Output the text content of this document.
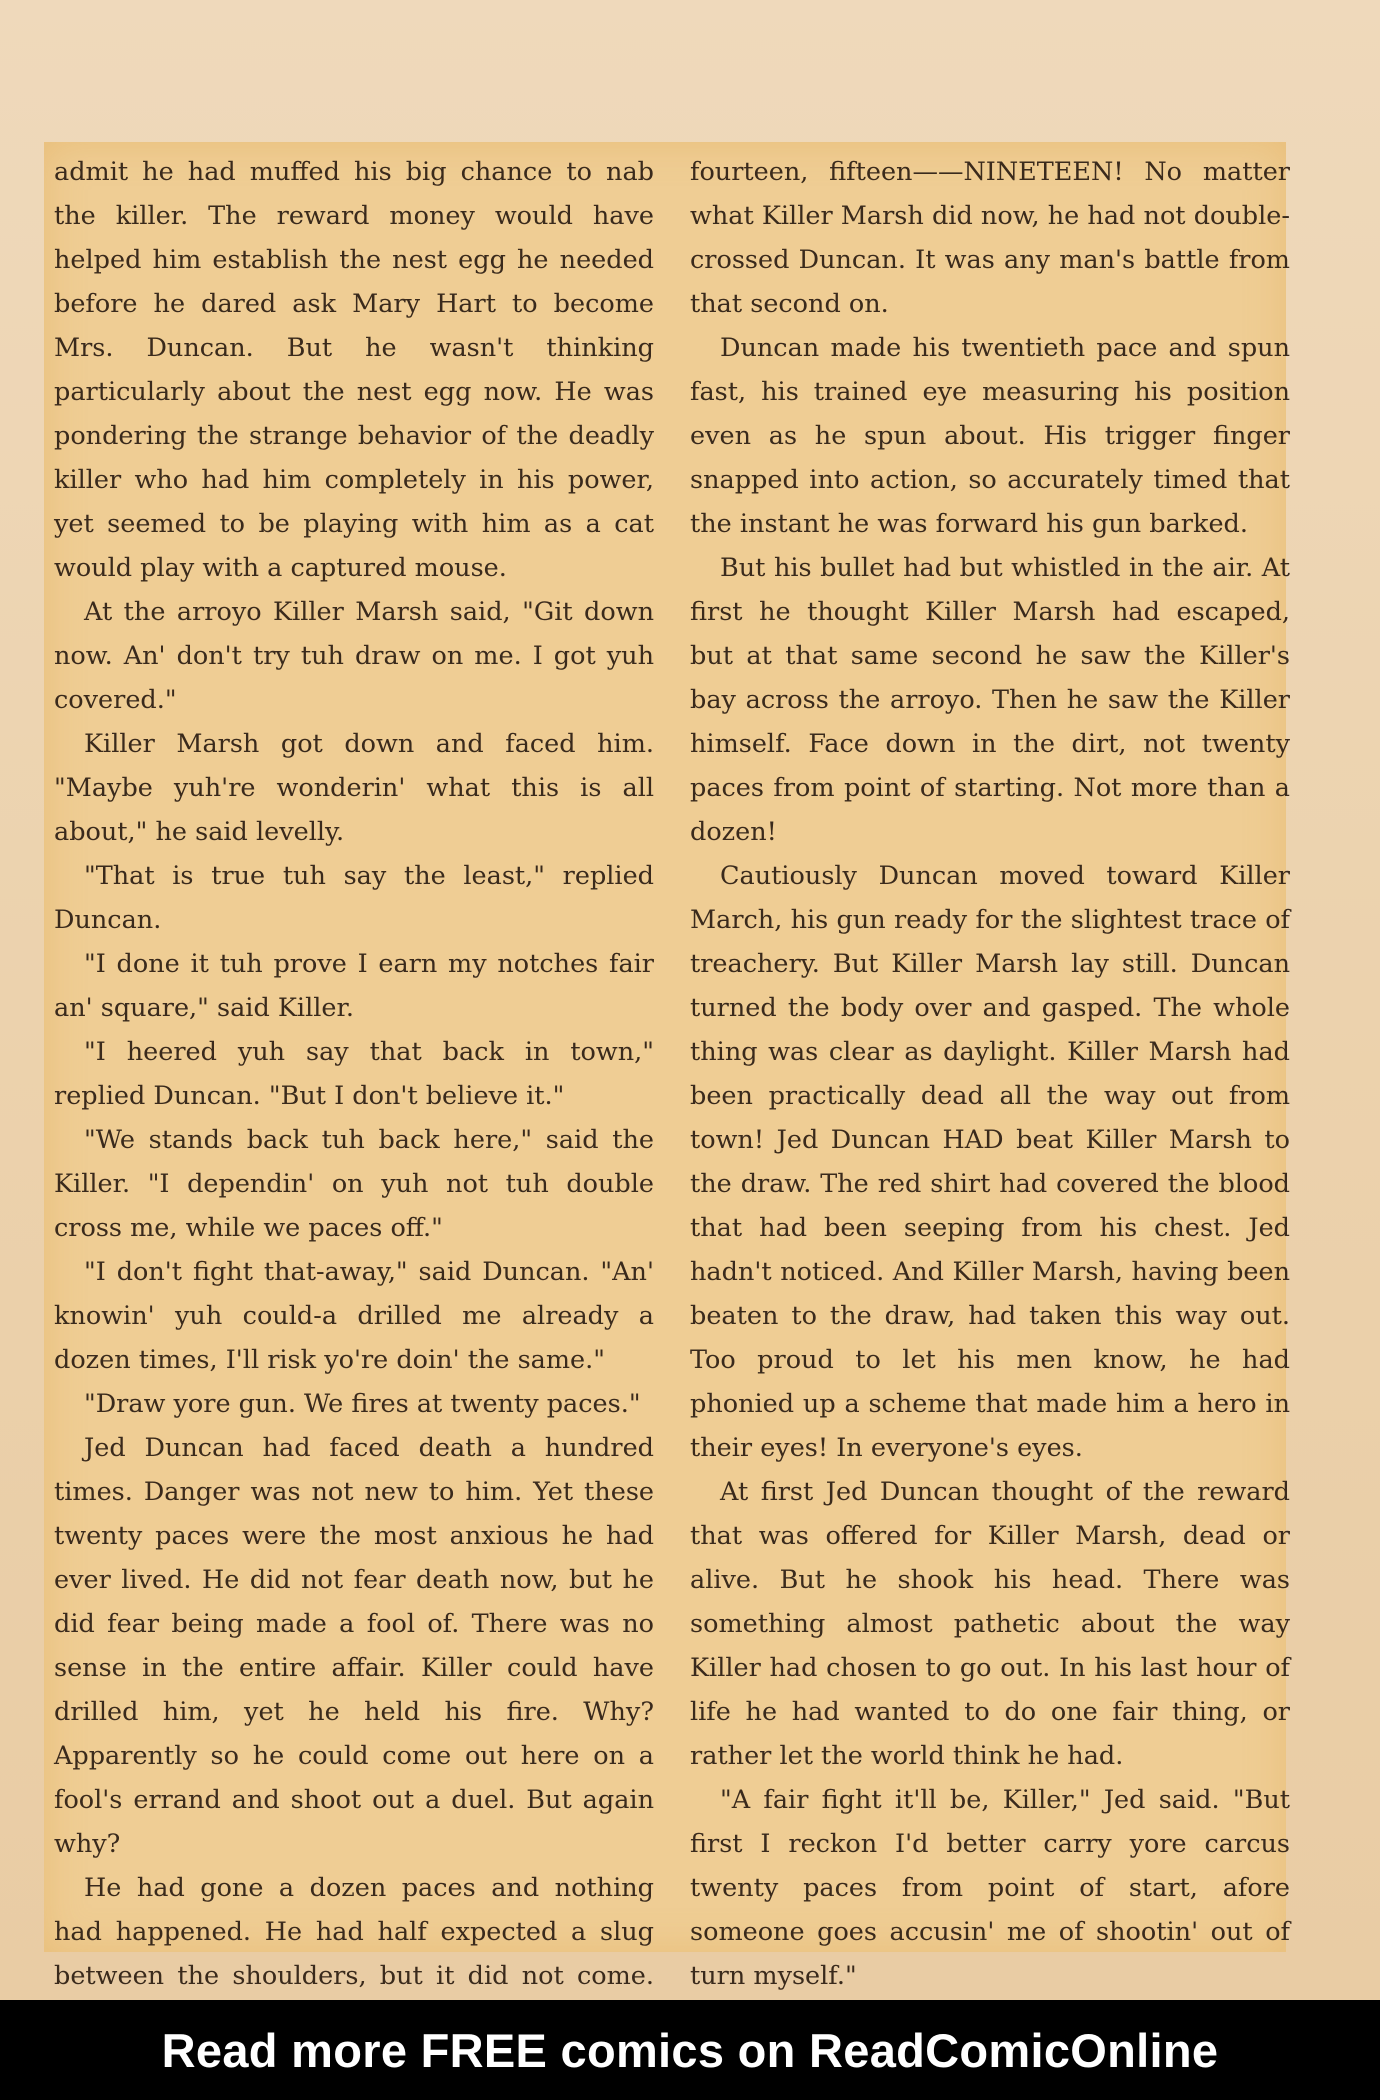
admit he had muffed his big chance to nab the killer. The reward money would have helped him establish the nest egg he needed before he dared ask Mary Hart to become Mrs. Duncan. But he wasn't thinking particularly about the nest egg now. He was pondering the strange behavior of the deadly killer who had him completely in his power, yet seemed to be playing with him as a cat would play with a captured mouse.

At the arroyo Killer Marsh said, "Git down now. An' don't try tuh draw on me. I got yuh covered."

Killer Marsh got down and faced him. "Maybe yuh're wonderin' what this is all about," he said levelly.

"That is true tuh say the least," replied Duncan.

"I done it tuh prove I earn my notches fair an' square," said Killer.

"I heered yuh say that back in town," replied Duncan. "But I don't believe it."

"We stands back tuh back here," said the Killer. "I dependin' on yuh not tuh double cross me, while we paces off."

"I don't fight that-away," said Duncan. "An' knowin' yuh could-a drilled me already a dozen times, I'll risk yo're doin' the same."

"Draw yore gun. We fires at twenty paces."

Jed Duncan had faced death a hundred times. Danger was not new to him. Yet these twenty paces were the most anxious he had ever lived. He did not fear death now, but he did fear being made a fool of. There was no sense in the entire affair. Killer could have drilled him, yet he held his fire. Why? Apparently so he could come out here on a fool's errand and shoot out a duel. But again why?

He had gone a dozen paces and nothing had happened. He had half expected a slug between the shoulders, but it did not come.

fourteen, fifteen——NINETEEN! No matter what Killer Marsh did now, he had not double-crossed Duncan. It was any man's battle from that second on.

Duncan made his twentieth pace and spun fast, his trained eye measuring his position even as he spun about. His trigger finger snapped into action, so accurately timed that the instant he was forward his gun barked.

But his bullet had but whistled in the air. At first he thought Killer Marsh had escaped, but at that same second he saw the Killer's bay across the arroyo. Then he saw the Killer himself. Face down in the dirt, not twenty paces from point of starting. Not more than a dozen!

Cautiously Duncan moved toward Killer March, his gun ready for the slightest trace of treachery. But Killer Marsh lay still. Duncan turned the body over and gasped. The whole thing was clear as daylight. Killer Marsh had been practically dead all the way out from town! Jed Duncan HAD beat Killer Marsh to the draw. The red shirt had covered the blood that had been seeping from his chest. Jed hadn't noticed. And Killer Marsh, having been beaten to the draw, had taken this way out. Too proud to let his men know, he had phonied up a scheme that made him a hero in their eyes! In everyone's eyes.

At first Jed Duncan thought of the reward that was offered for Killer Marsh, dead or alive. But he shook his head. There was something almost pathetic about the way Killer had chosen to go out. In his last hour of life he had wanted to do one fair thing, or rather let the world think he had.

"A fair fight it'll be, Killer," Jed said. "But first I reckon I'd better carry yore carcus twenty paces from point of start, afore someone goes accusin' me of shootin' out of turn myself."

Read more FREE comics on ReadComicOnline
